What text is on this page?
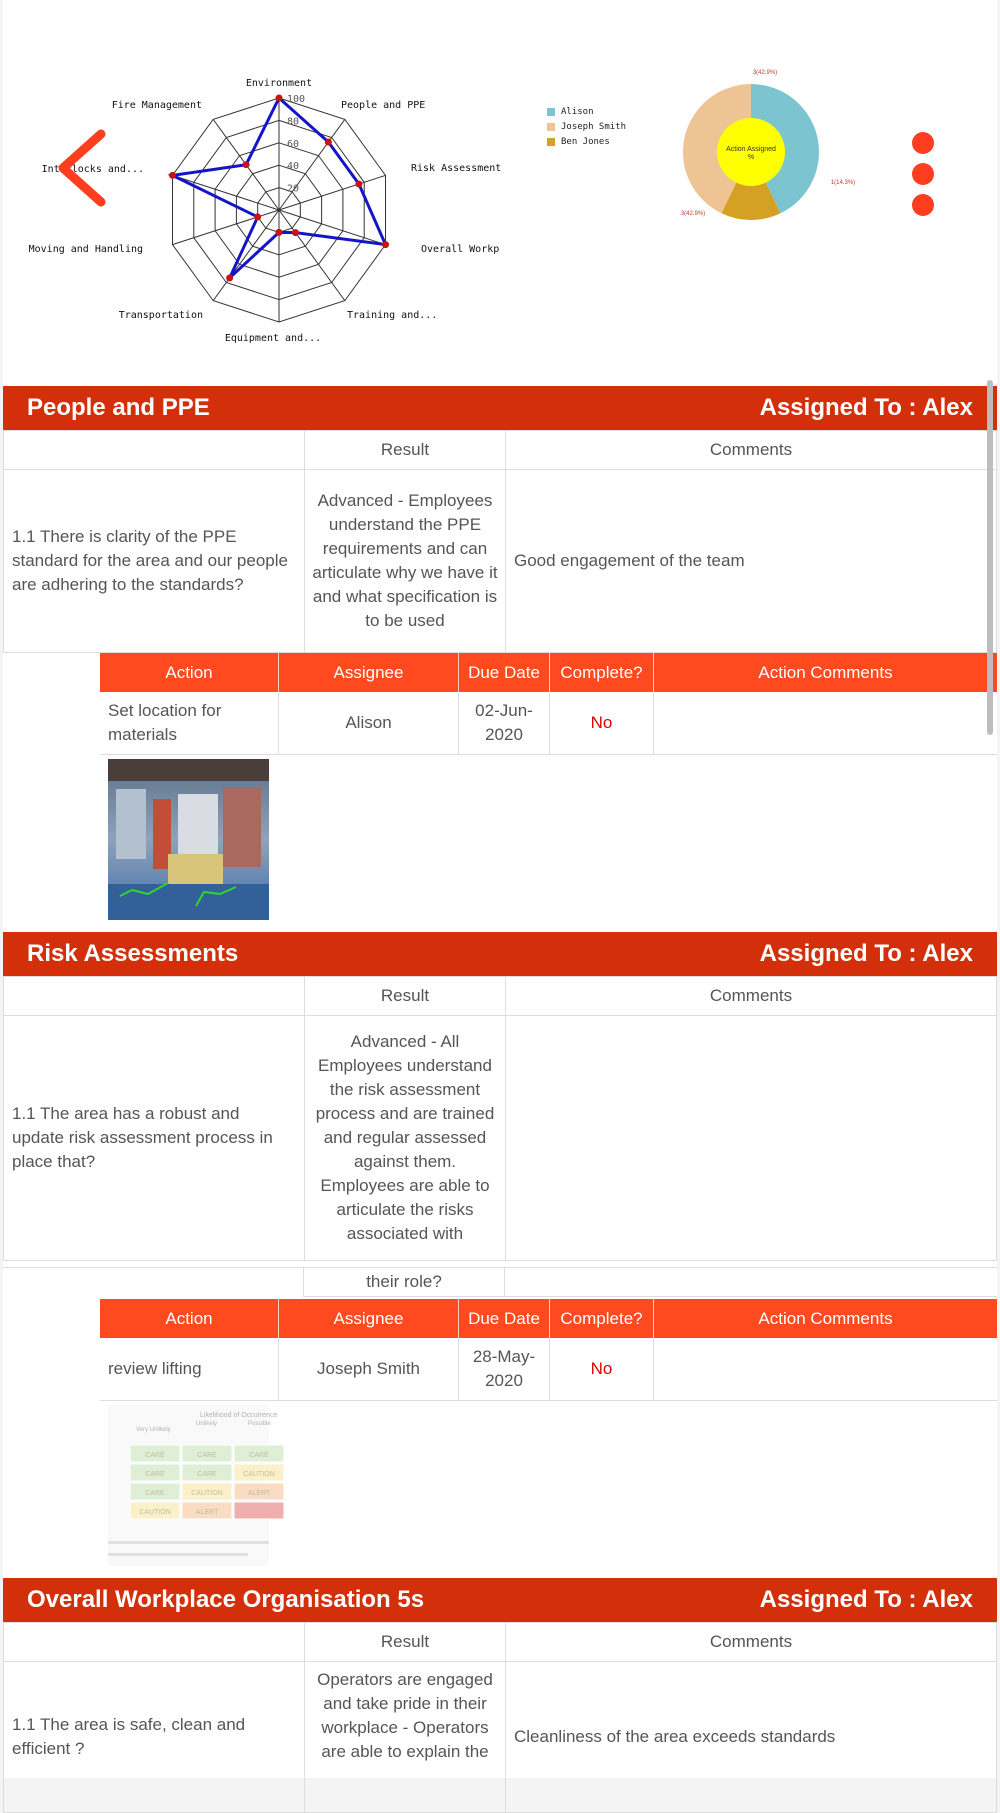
100
80
60
40
20
Environment
People and PPE
Risk Assessment
Overall Workp
Training and...
Equipment and...
Transportation
Moving and Handling
Interlocks and...
Fire Management
Alison
Joseph Smith
Ben Jones
3(42.9%)
1(14.3%)
3(42.9%)
Action Assigned %
People and PPE	Assigned To : Alex
	Result	Comments
1.1 There is clarity of the PPE standard for the area and our people are adhering to the standards?	Advanced - Employees understand the PPE requirements and can articulate why we have it and what specification is to be used	Good engagement of the team
Action	Assignee	Due Date	Complete?	Action Comments
Set location for materials	Alison	02-Jun-2020	No	
Risk Assessments	Assigned To : Alex
	Result	Comments
1.1 The area has a robust and update risk assessment process in place that?	Advanced - All Employees understand the risk assessment process and are trained and regular assessed against them. Employees are able to articulate the risks associated with	
	their role?	
Action	Assignee	Due Date	Complete?	Action Comments
review lifting	Joseph Smith	28-May-2020	No	
Likelihood of Occurrence
Very Unlikely
Unlikely	Possible
CARE	CARE	CARE
CARE	CARE	CAUTION
CARE	CAUTION	ALERT
CAUTION	ALERT
Overall Workplace Organisation 5s	Assigned To : Alex
	Result	Comments
1.1 The area is safe, clean and efficient ?	Operators are engaged and take pride in their workplace - Operators are able to explain the	Cleanliness of the area exceeds standards
